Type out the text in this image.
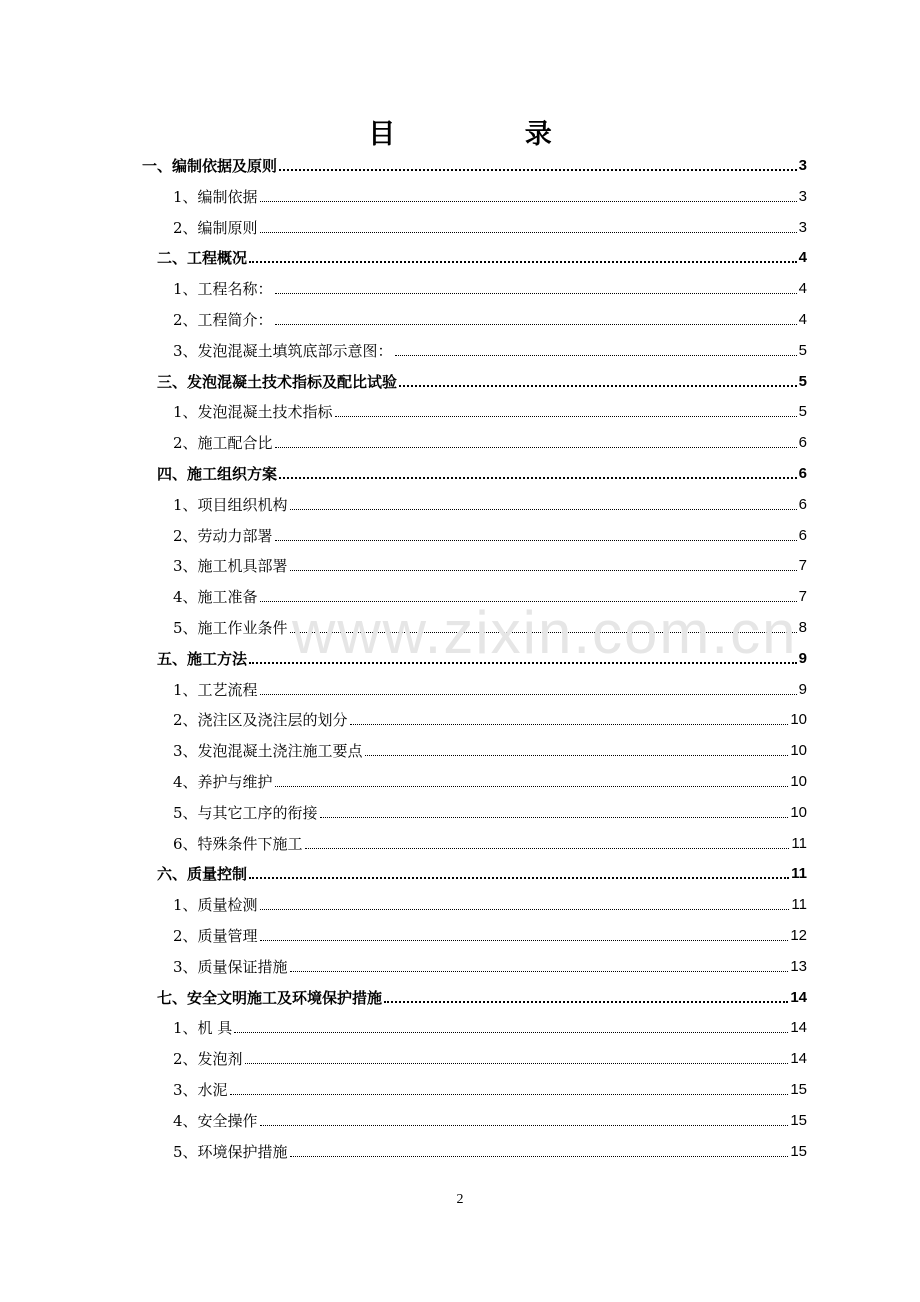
目 录
一、编制依据及原则	3
1、编制依据	3
2、编制原则	3
二、工程概况	4
1、工程名称：	4
2、工程简介：	4
3、发泡混凝土填筑底部示意图：	5
三、发泡混凝土技术指标及配比试验	5
1、发泡混凝土技术指标	5
2、施工配合比	6
四、施工组织方案	6
1、项目组织机构	6
2、劳动力部署	6
3、施工机具部署	7
4、施工准备	7
5、施工作业条件	8
五、施工方法	9
1、工艺流程	9
2、浇注区及浇注层的划分	10
3、发泡混凝土浇注施工要点	10
4、养护与维护	10
5、与其它工序的衔接	10
6、特殊条件下施工	11
六、质量控制	11
1、质量检测	11
2、质量管理	12
3、质量保证措施	13
七、安全文明施工及环境保护措施	14
1、机 具	14
2、发泡剂	14
3、水泥	15
4、安全操作	15
5、环境保护措施	15
www.zixin.com.cn
2
